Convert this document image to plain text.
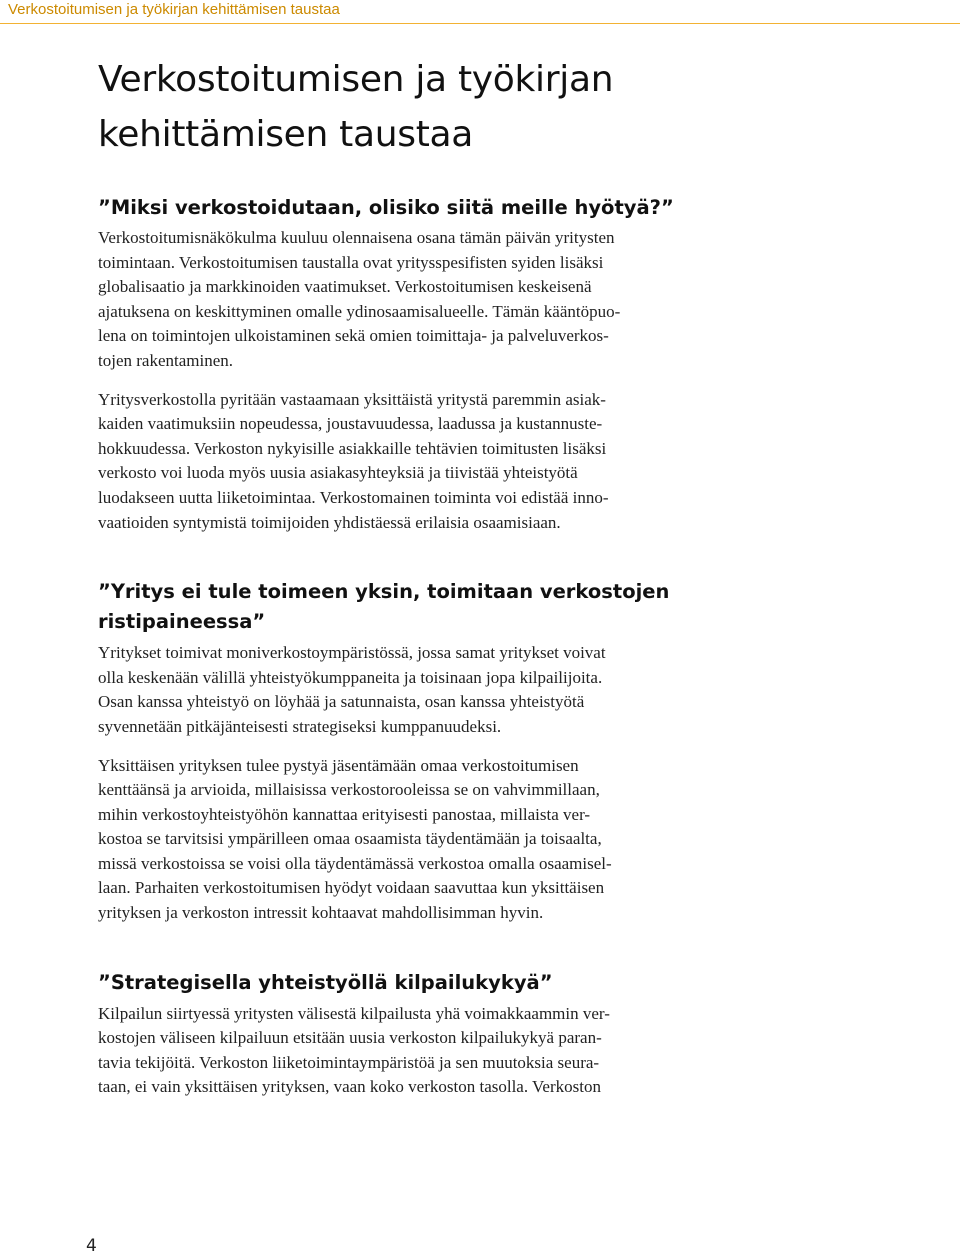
Verkostoitumisen ja työkirjan kehittämisen taustaa
Verkostoitumisen ja työkirjan
kehittämisen taustaa
”Miksi verkostoidutaan, olisiko siitä meille hyötyä?”

Verkostoitumisnäkökulma kuuluu olennaisena osana tämän päivän yritysten
toimintaan. Verkostoitumisen taustalla ovat yritysspesifisten syiden lisäksi
globalisaatio ja markkinoiden vaatimukset. Verkostoitumisen keskeisenä
ajatuksena on keskittyminen omalle ydinosaamisalueelle. Tämän kääntöpuo-
lena on toimintojen ulkoistaminen sekä omien toimittaja- ja palveluverkos-
tojen rakentaminen.

Yritysverkostolla pyritään vastaamaan yksittäistä yritystä paremmin asiak-
kaiden vaatimuksiin nopeudessa, joustavuudessa, laadussa ja kustannuste-
hokkuudessa. Verkoston nykyisille asiakkaille tehtävien toimitusten lisäksi
verkosto voi luoda myös uusia asiakasyhteyksiä ja tiivistää yhteistyötä
luodakseen uutta liiketoimintaa. Verkostomainen toiminta voi edistää inno-
vaatioiden syntymistä toimijoiden yhdistäessä erilaisia osaamisiaan.

”Yritys ei tule toimeen yksin, toimitaan verkostojen
ristipaineessa”

Yritykset toimivat moniverkostoympäristössä, jossa samat yritykset voivat
olla keskenään välillä yhteistyökumppaneita ja toisinaan jopa kilpailijoita.
Osan kanssa yhteistyö on löyhää ja satunnaista, osan kanssa yhteistyötä
syvennetään pitkäjänteisesti strategiseksi kumppanuudeksi.

Yksittäisen yrityksen tulee pystyä jäsentämään omaa verkostoitumisen
kenttäänsä ja arvioida, millaisissa verkostorooleissa se on vahvimmillaan,
mihin verkostoyhteistyöhön kannattaa erityisesti panostaa, millaista ver-
kostoa se tarvitsisi ympärilleen omaa osaamista täydentämään ja toisaalta,
missä verkostoissa se voisi olla täydentämässä verkostoa omalla osaamisel-
laan. Parhaiten verkostoitumisen hyödyt voidaan saavuttaa kun yksittäisen
yrityksen ja verkoston intressit kohtaavat mahdollisimman hyvin.

”Strategisella yhteistyöllä kilpailukykyä”

Kilpailun siirtyessä yritysten välisestä kilpailusta yhä voimakkaammin ver-
kostojen väliseen kilpailuun etsitään uusia verkoston kilpailukykyä paran-
tavia tekijöitä. Verkoston liiketoimintaympäristöä ja sen muutoksia seura-
taan, ei vain yksittäisen yrityksen, vaan koko verkoston tasolla. Verkoston

4
